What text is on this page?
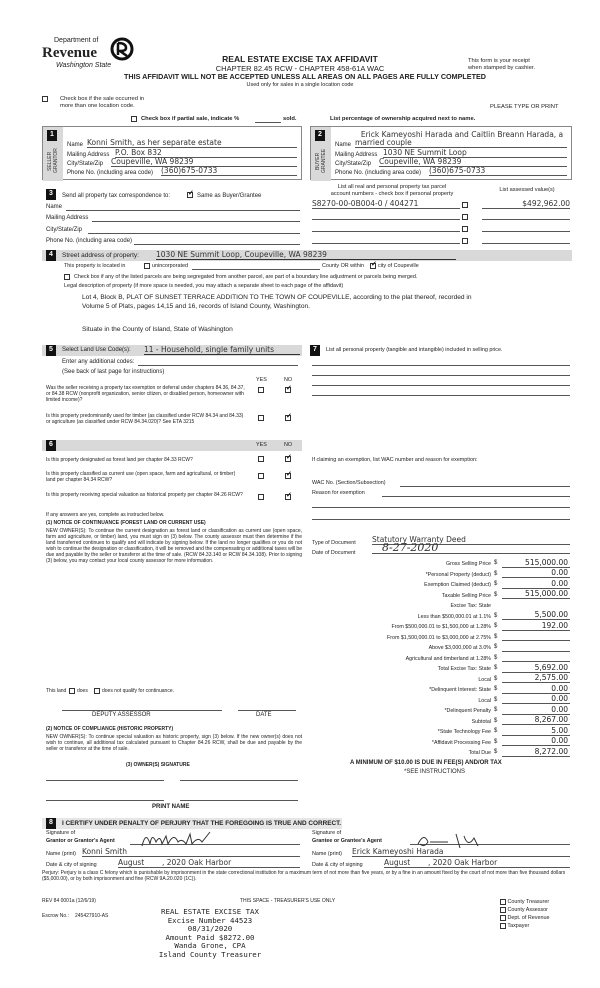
Department of
Revenue
Washington State
REAL ESTATE EXCISE TAX AFFIDAVIT
CHAPTER 82.45 RCW - CHAPTER 458-61A WAC
This form is your receipt
when stamped by cashier.
THIS AFFIDAVIT WILL NOT BE ACCEPTED UNLESS ALL AREAS ON ALL PAGES ARE FULLY COMPLETED
Used only for sales in a single location code
Check box if the sale occurred in
more than one location code.	PLEASE TYPE OR PRINT
Check box if partial sale, indicate %	sold.	List percentage of ownership acquired next to name.
1
SELLER GRANTOR
Name Konni Smith, as her separate estate
Mailing Address P.O. Box 832
City/State/Zip Coupeville, WA 98239
Phone No. (including area code) (360)675-0733
2
BUYER GRANTEE
Erick Kameyoshi Harada and Caitlin Breann Harada, a
Name married couple
Mailing Address 1030 NE Summit Loop
City/State/Zip Coupeville, WA 98239
Phone No. (including area code) (360)675-0733
3	Send all property tax correspondence to: ✓	Same as Buyer/Grantee
Name
Mailing Address
City/State/Zip
Phone No. (including area code)
List all real and personal property tax parcel
account numbers - check box if personal property
List assessed value(s)
S8270-00-0B004-0 / 404271	$492,962.00
4	Street address of property: 1030 NE Summit Loop, Coupeville, WA 98239
This property is located in	unincorporated	County OR within ✓	city of Coupeville
Check box if any of the listed parcels are being segregated from another parcel, are part of a boundary line adjustment or parcels being merged.
Legal description of property (if more space is needed, you may attach a separate sheet to each page of the affidavit)
Lot 4, Block B, PLAT OF SUNSET TERRACE ADDITION TO THE TOWN OF COUPEVILLE, according to the plat thereof, recorded in
Volume 5 of Plats, pages 14,15 and 16, records of Island County, Washington.
Situate in the County of Island, State of Washington
5	Select Land Use Code(s): 11 - Household, single family units
Enter any additional codes:
(See back of last page for instructions)
YES	NO
Was the seller receiving a property tax exemption or deferral under chapters 84.36, 84.37, or 84.38 RCW (nonprofit organization, senior citizen, or disabled person, homeowner with limited income)?
✓
Is this property predominantly used for timber (as classified under RCW 84.34 and 84.33) or agriculture (as classified under RCW 84.34.020)? See ETA 3215
✓
6	YES	NO
Is this property designated as forest land per chapter 84.33 RCW?
✓
Is this property classified as current use (open space, farm and agricultural, or timber) land per chapter 84.34 RCW?
✓
Is this property receiving special valuation as historical property per chapter 84.26 RCW?
✓
If any answers are yes, complete as instructed below.
(1) NOTICE OF CONTINUANCE (FOREST LAND OR CURRENT USE)
NEW OWNER(S): To continue the current designation as forest land or classification as current use (open space, farm and agriculture, or timber) land, you must sign on (3) below. The county assessor must then determine if the land transferred continues to qualify and will indicate by signing below. If the land no longer qualifies or you do not wish to continue the designation or classification, it will be removed and the compensating or additional taxes will be due and payable by the seller or transferor at the time of sale. (RCW 84.33.140 or RCW 84.34.108). Prior to signing (3) below, you may contact your local county assessor for more information.
This land does	does not qualify for continuance.
DEPUTY ASSESSOR	DATE
(2) NOTICE OF COMPLIANCE (HISTORIC PROPERTY)
NEW OWNER(S): To continue special valuation as historic property, sign (3) below. If the new owner(s) does not wish to continue, all additional tax calculated pursuant to Chapter 84.26 RCW, shall be due and payable by the seller or transferor at the time of sale.
(3) OWNER(S) SIGNATURE
PRINT NAME
7	List all personal property (tangible and intangible) included in selling price.
If claiming an exemption, list WAC number and reason for exemption:
WAC No. (Section/Subsection)
Reason for exemption
Type of Document Statutory Warranty Deed
Date of Document	8-27-2020
Gross Selling Price $	515,000.00
*Personal Property (deduct) $	0.00
Exemption Claimed (deduct) $	0.00
Taxable Selling Price $	515,000.00
Excise Tax: State
Less than $500,000.01 at 1.1% $	5,500.00
From $500,000.01 to $1,500,000 at 1.28% $	192.00
From $1,500,000.01 to $3,000,000 at 2.75% $
Above $3,000,000 at 3.0% $
Agricultural and timberland at 1.28% $
Total Excise Tax: State $	5,692.00
Local $	2,575.00
*Delinquent Interest: State $	0.00
Local $	0.00
*Delinquent Penalty $	0.00
Subtotal $	8,267.00
*State Technology Fee $	5.00
*Affidavit Processing Fee $	0.00
Total Due $	8,272.00
A MINIMUM OF $10.00 IS DUE IN FEE(S) AND/OR TAX
*SEE INSTRUCTIONS
8	I CERTIFY UNDER PENALTY OF PERJURY THAT THE FOREGOING IS TRUE AND CORRECT.
Signature of
Grantor or Grantor's Agent
Name (print) Konni Smith
Date & city of signing	August	, 2020 Oak Harbor
Signature of
Grantee or Grantee's Agent
Name (print) Erick Kameyoshi Harada
Date & city of signing	August	, 2020 Oak Harbor
Perjury: Perjury is a class C felony which is punishable by imprisonment in the state correctional institution for a maximum term of not more than five years, or by a fine in an amount fixed by the court of not more than five thousand dollars ($5,000.00), or by both imprisonment and fine (RCW 9A.20.020 (1C)).
REV 84 0001a (12/6/19)	THIS SPACE - TREASURER'S USE ONLY
Escrow No.: 245427910-AS	REAL ESTATE EXCISE TAX
Excise Number 44523
08/31/2020
Amount Paid $8272.00
Wanda Grone, CPA
Island County Treasurer
County Treasurer
County Assessor
Dept. of Revenue
Taxpayer
